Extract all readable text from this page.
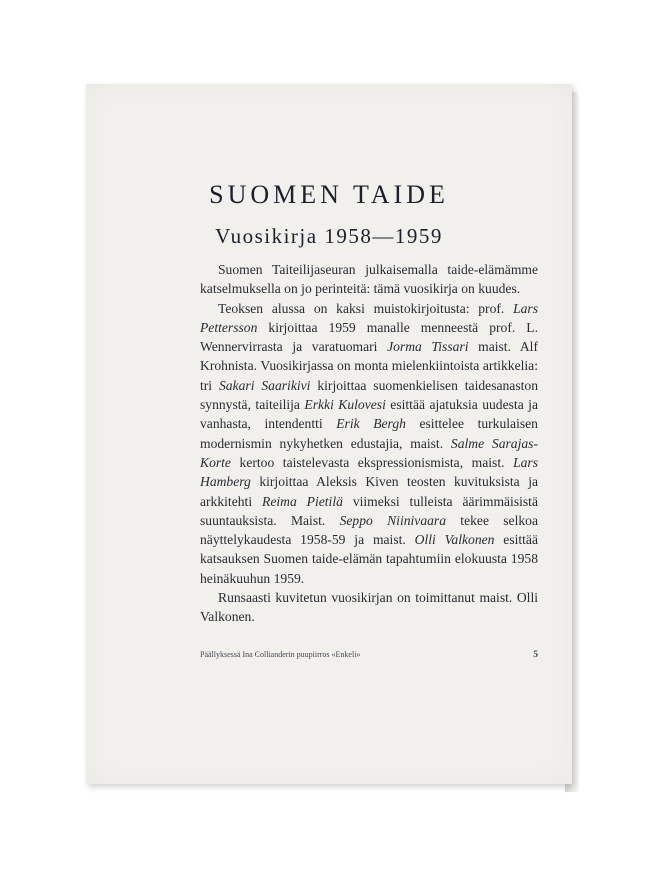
SUOMEN TAIDE
Vuosikirja 1958—1959

Suomen Taiteilijaseuran julkaisemalla taide-elämämme katselmuksella on jo perinteitä: tämä vuosikirja on kuudes.

Teoksen alussa on kaksi muistokirjoitusta: prof. Lars Pettersson kirjoittaa 1959 manalle menneestä prof. L. Wennervirrasta ja varatuomari Jorma Tissari maist. Alf Krohnista. Vuosikirjassa on monta mielenkiintoista artikkelia: tri Sakari Saarikivi kirjoittaa suomenkielisen taidesanaston synnystä, taiteilija Erkki Kulovesi esittää ajatuksia uudesta ja vanhasta, intendentti Erik Bergh esittelee turkulaisen modernismin nykyhetken edustajia, maist. Salme Sarajas-Korte kertoo taistelevasta ekspressionismista, maist. Lars Hamberg kirjoittaa Aleksis Kiven teosten kuvituksista ja arkkitehti Reima Pietilä viimeksi tulleista äärimmäisistä suuntauksista. Maist. Seppo Niinivaara tekee selkoa näyttelykaudesta 1958-59 ja maist. Olli Valkonen esittää katsauksen Suomen taide-elämän tapahtumiin elokuusta 1958 heinäkuuhun 1959.

Runsaasti kuvitetun vuosikirjan on toimittanut maist. Olli Valkonen.

Päällyksessä Ina Collianderin puupiirros «Enkeli»	5
